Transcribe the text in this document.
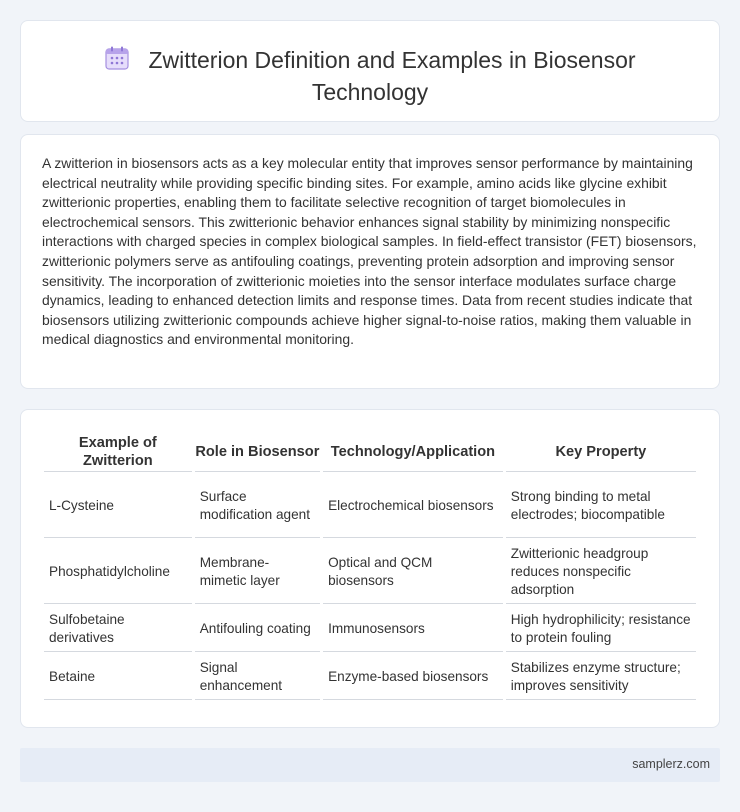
Zwitterion Definition and Examples in Biosensor Technology

A zwitterion in biosensors acts as a key molecular entity that improves sensor performance by maintaining electrical neutrality while providing specific binding sites. For example, amino acids like glycine exhibit zwitterionic properties, enabling them to facilitate selective recognition of target biomolecules in electrochemical sensors. This zwitterionic behavior enhances signal stability by minimizing nonspecific interactions with charged species in complex biological samples. In field-effect transistor (FET) biosensors, zwitterionic polymers serve as antifouling coatings, preventing protein adsorption and improving sensor sensitivity. The incorporation of zwitterionic moieties into the sensor interface modulates surface charge dynamics, leading to enhanced detection limits and response times. Data from recent studies indicate that biosensors utilizing zwitterionic compounds achieve higher signal-to-noise ratios, making them valuable in medical diagnostics and environmental monitoring.

Example of Zwitterion	Role in Biosensor	Technology/Application	Key Property
L-Cysteine	Surface modification agent	Electrochemical biosensors	Strong binding to metal electrodes; biocompatible
Phosphatidylcholine	Membrane-mimetic layer	Optical and QCM biosensors	Zwitterionic headgroup reduces nonspecific adsorption
Sulfobetaine derivatives	Antifouling coating	Immunosensors	High hydrophilicity; resistance to protein fouling
Betaine	Signal enhancement	Enzyme-based biosensors	Stabilizes enzyme structure; improves sensitivity
samplerz.com
